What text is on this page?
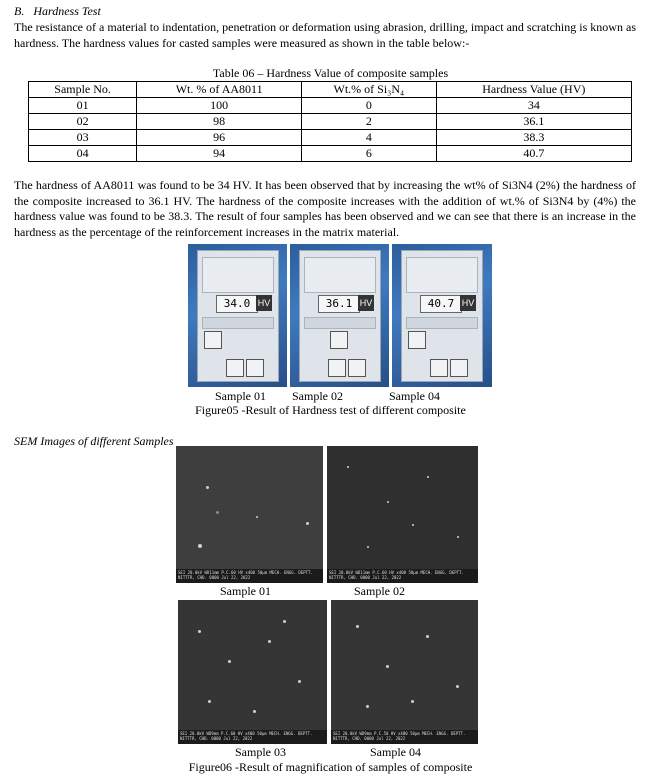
B. Hardness Test
The resistance of a material to indentation, penetration or deformation using abrasion, drilling, impact and scratching is known as hardness. The hardness values for casted samples were measured as shown in the table below:-
Table 06 – Hardness Value of composite samples
Sample No.	Wt. % of AA8011	Wt.% of Si₃N₄	Hardness Value (HV)
01	100	0	34
02	98	2	36.1
03	96	4	38.3
04	94	6	40.7
The hardness of AA8011 was found to be 34 HV. It has been observed that by increasing the wt% of Si3N4 (2%) the hardness of the composite increased to 36.1 HV. The hardness of the composite increases with the addition of wt.% of Si3N4 by (4%) the hardness value was found to be 38.3. The result of four samples has been observed and we can see that there is an increase in the hardness as the percentage of the reinforcement increases in the matrix material.
34.0 HV	36.1 HV	40.7 HV
Sample 01 Sample 02	Sample 04
Figure05 -Result of Hardness test of different composite
SEM Images of different Samples
SEI 20.0kV WD11mm P.C.60 HV x400 50μm MECH. ENGG. DEPTT. NITTTR, CHD. 0000 Jul 22, 2022
SEI 20.0kV WD11mm P.C.60 HV x400 50μm MECH. ENGG. DEPTT. NITTTR, CHD. 0000 Jul 22, 2022
SEI 20.0kV WD9mm P.C.60 HV x400 50μm MECH. ENGG. DEPTT. NITTTR, CHD. 0000 Jul 22, 2022
SEI 20.0kV WD9mm P.C.50 HV x400 50μm MECH. ENGG. DEPTT. NITTTR, CHD. 0000 Jul 22, 2022
Sample 01	Sample 02
Sample 03	Sample 04
Figure06 -Result of magnification of samples of composite
